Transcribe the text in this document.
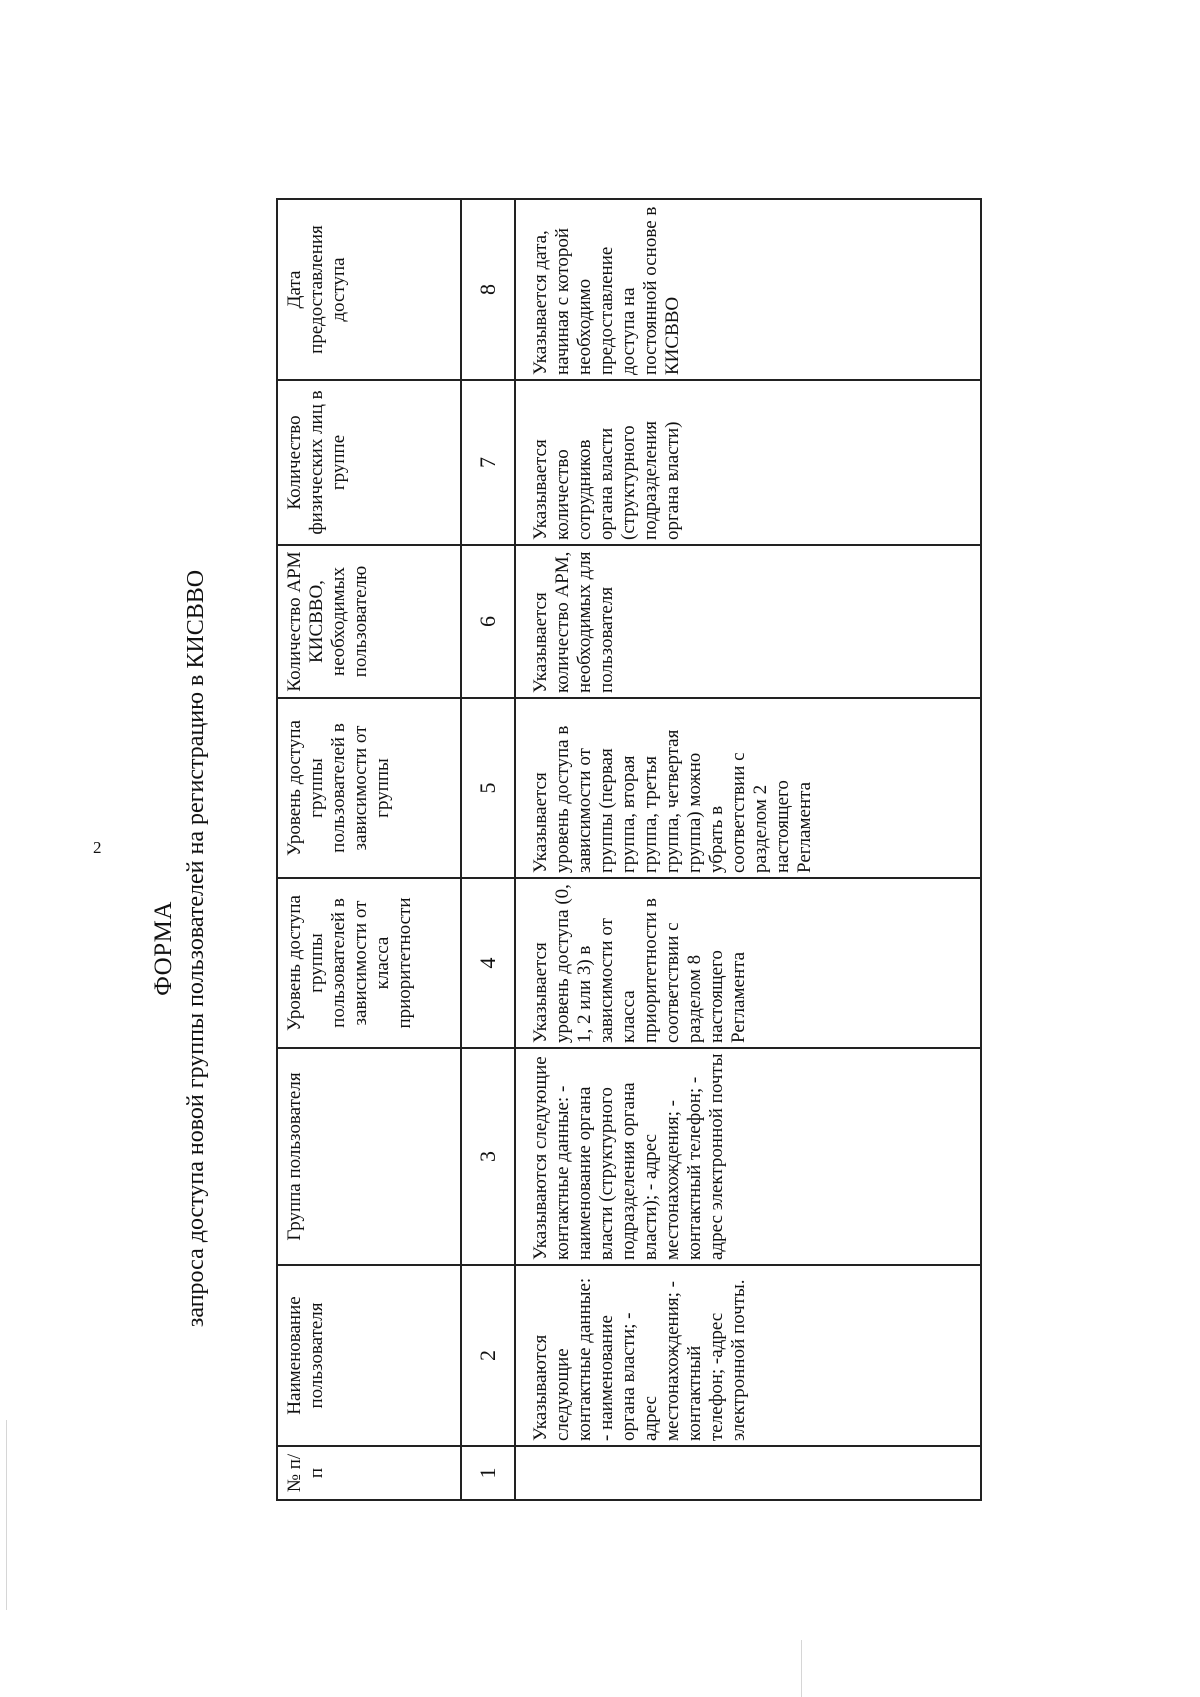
2
ФОРМА запроса доступа новой группы пользователей на регистрацию в КИСВВО
№ п/п	Наименование пользователя	Группа пользователя	Уровень доступа группы пользователей в зависимости от класса приоритетности	Уровень доступа группы пользователей в зависимости от группы	Количество АРМ КИСВВО, необходимых пользователю	Количество физических лиц в группе	Дата предоставления доступа
1	2	3	4	5	6	7	8
	Указываются следующие контактные данные: - наименование органа власти; - адрес местонахождения; - контактный телефон; -адрес электронной почты.	Указываются следующие контактные данные: - наименование органа власти (структурного подразделения органа власти); - адрес местонахождения; - контактный телефон; - адрес электронной почты	Указывается уровень доступа (0, 1, 2 или 3) в зависимости от класса приоритетности в соответствии с разделом 8 настоящего Регламента	Указывается уровень доступа в зависимости от группы (первая группа, вторая группа, третья группа, четвертая группа) можно убрать в соответствии с разделом 2 настоящего Регламента	Указывается количество АРМ, необходимых для пользователя	Указывается количество сотрудников органа власти (структурного подразделения органа власти)	Указывается дата, начиная с которой необходимо предоставление доступа на постоянной основе в КИСВВО
